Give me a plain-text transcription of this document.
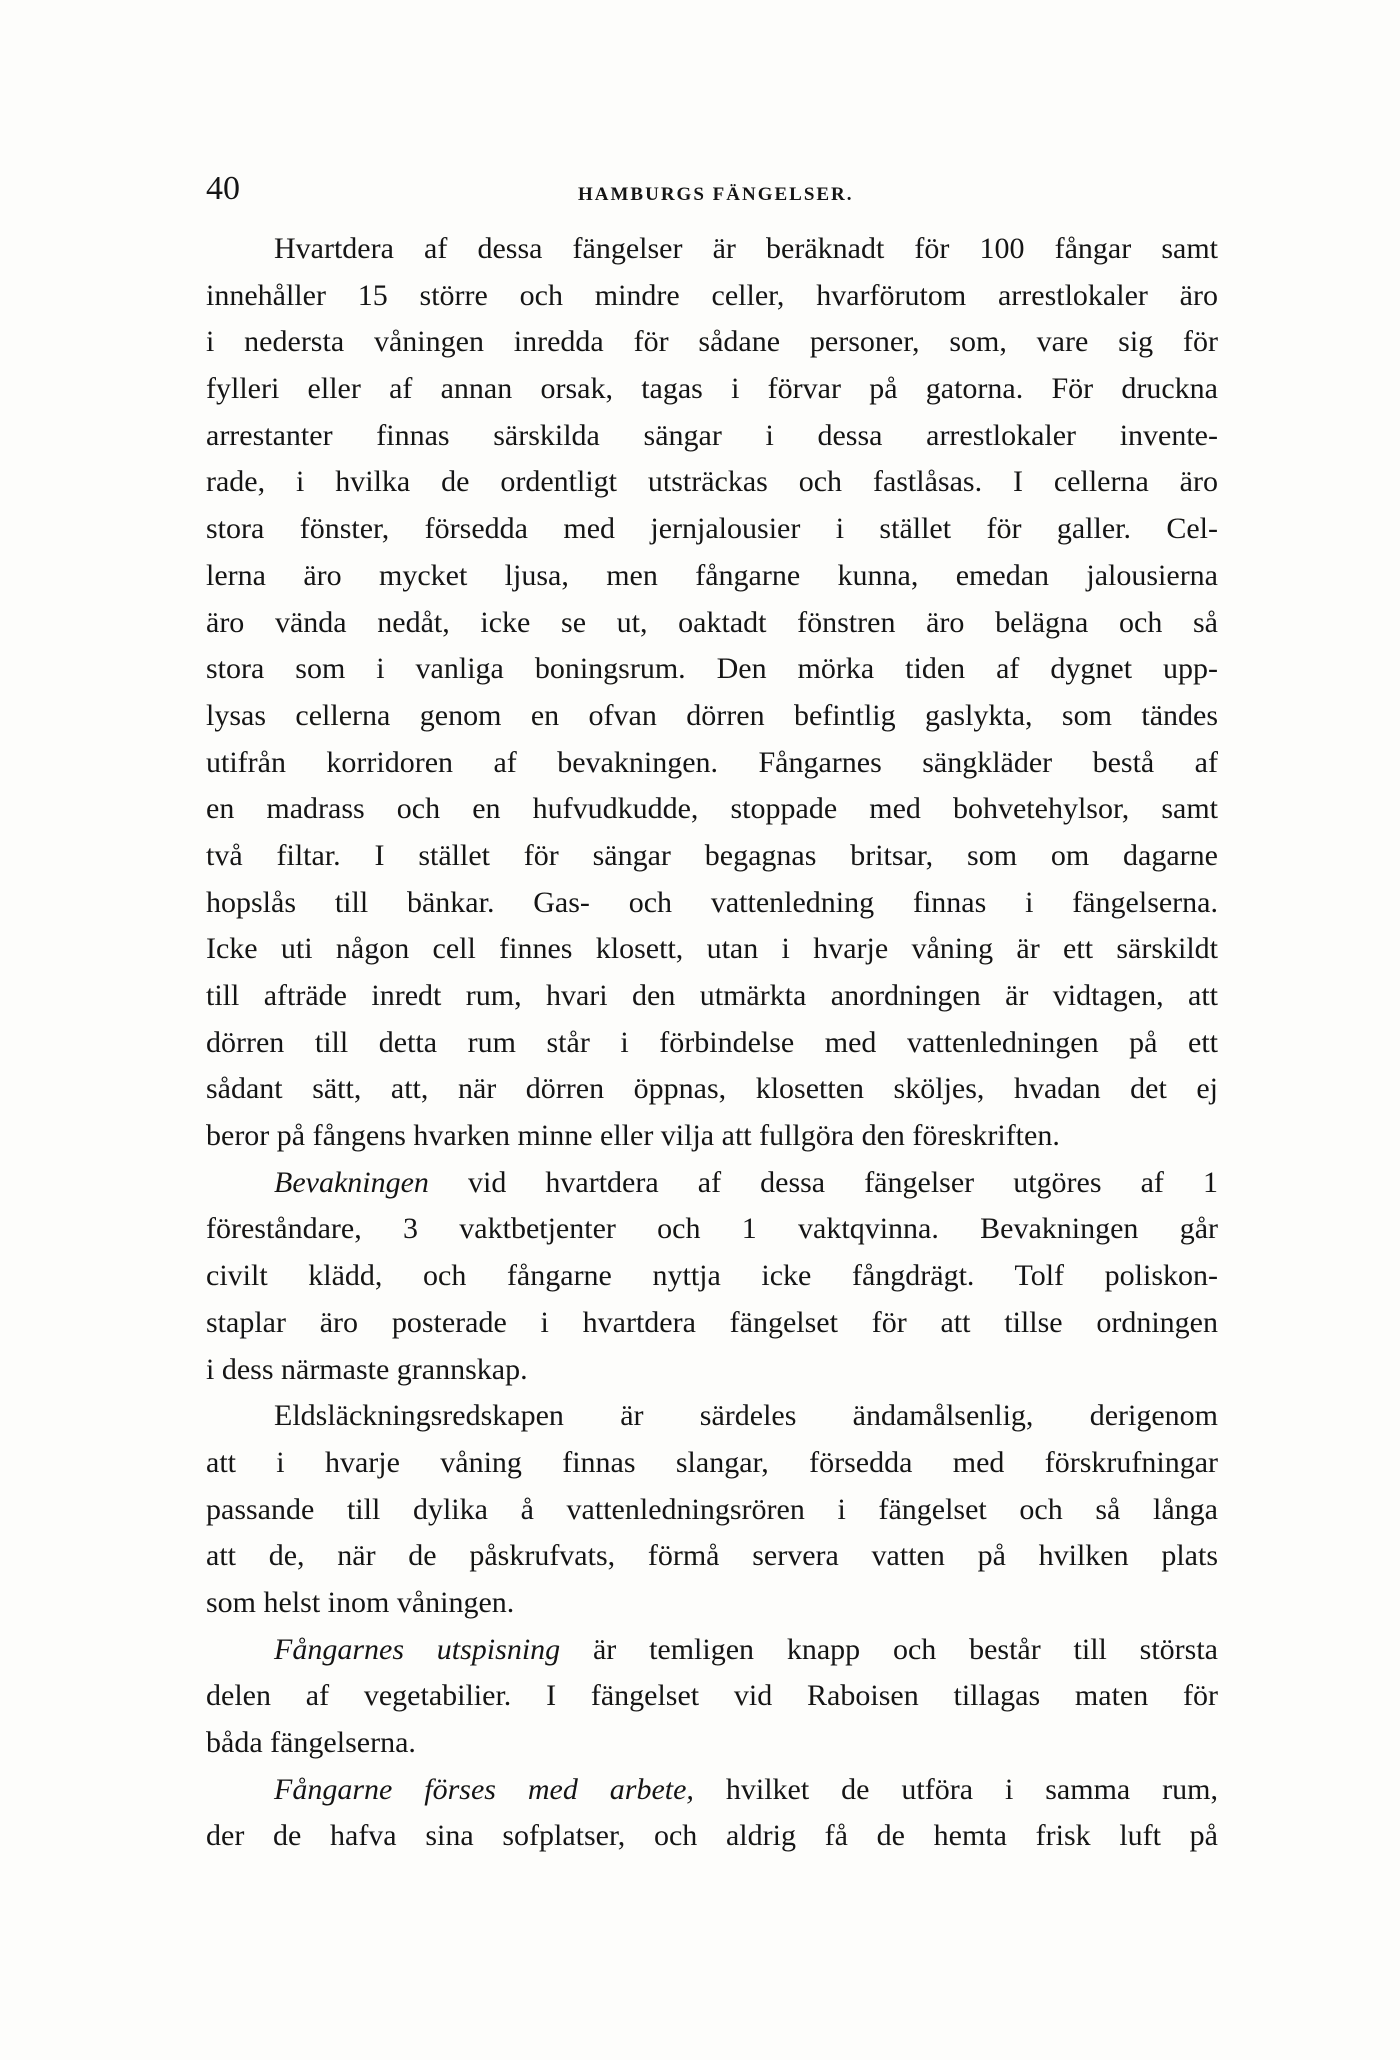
40	HAMBURGS FÄNGELSER.
Hvartdera af dessa fängelser är beräknadt för 100 fångar samt
innehåller 15 större och mindre celler, hvarförutom arrestlokaler äro
i nedersta våningen inredda för sådane personer, som, vare sig för
fylleri eller af annan orsak, tagas i förvar på gatorna. För druckna
arrestanter finnas särskilda sängar i dessa arrestlokaler invente-
rade, i hvilka de ordentligt utsträckas och fastlåsas. I cellerna äro
stora fönster, försedda med jernjalousier i stället för galler. Cel-
lerna äro mycket ljusa, men fångarne kunna, emedan jalousierna
äro vända nedåt, icke se ut, oaktadt fönstren äro belägna och så
stora som i vanliga boningsrum. Den mörka tiden af dygnet upp-
lysas cellerna genom en ofvan dörren befintlig gaslykta, som tändes
utifrån korridoren af bevakningen. Fångarnes sängkläder bestå af
en madrass och en hufvudkudde, stoppade med bohvetehylsor, samt
två filtar. I stället för sängar begagnas britsar, som om dagarne
hopslås till bänkar. Gas- och vattenledning finnas i fängelserna.
Icke uti någon cell finnes klosett, utan i hvarje våning är ett särskildt
till afträde inredt rum, hvari den utmärkta anordningen är vidtagen, att
dörren till detta rum står i förbindelse med vattenledningen på ett
sådant sätt, att, när dörren öppnas, klosetten sköljes, hvadan det ej
beror på fångens hvarken minne eller vilja att fullgöra den föreskriften.
Bevakningen vid hvartdera af dessa fängelser utgöres af 1
föreståndare, 3 vaktbetjenter och 1 vaktqvinna. Bevakningen går
civilt klädd, och fångarne nyttja icke fångdrägt. Tolf poliskon-
staplar äro posterade i hvartdera fängelset för att tillse ordningen
i dess närmaste grannskap.
Eldsläckningsredskapen är särdeles ändamålsenlig, derigenom
att i hvarje våning finnas slangar, försedda med förskrufningar
passande till dylika å vattenledningsrören i fängelset och så långa
att de, när de påskrufvats, förmå servera vatten på hvilken plats
som helst inom våningen.
Fångarnes utspisning är temligen knapp och består till största
delen af vegetabilier. I fängelset vid Raboisen tillagas maten för
båda fängelserna.
Fångarne förses med arbete, hvilket de utföra i samma rum,
der de hafva sina sofplatser, och aldrig få de hemta frisk luft på
